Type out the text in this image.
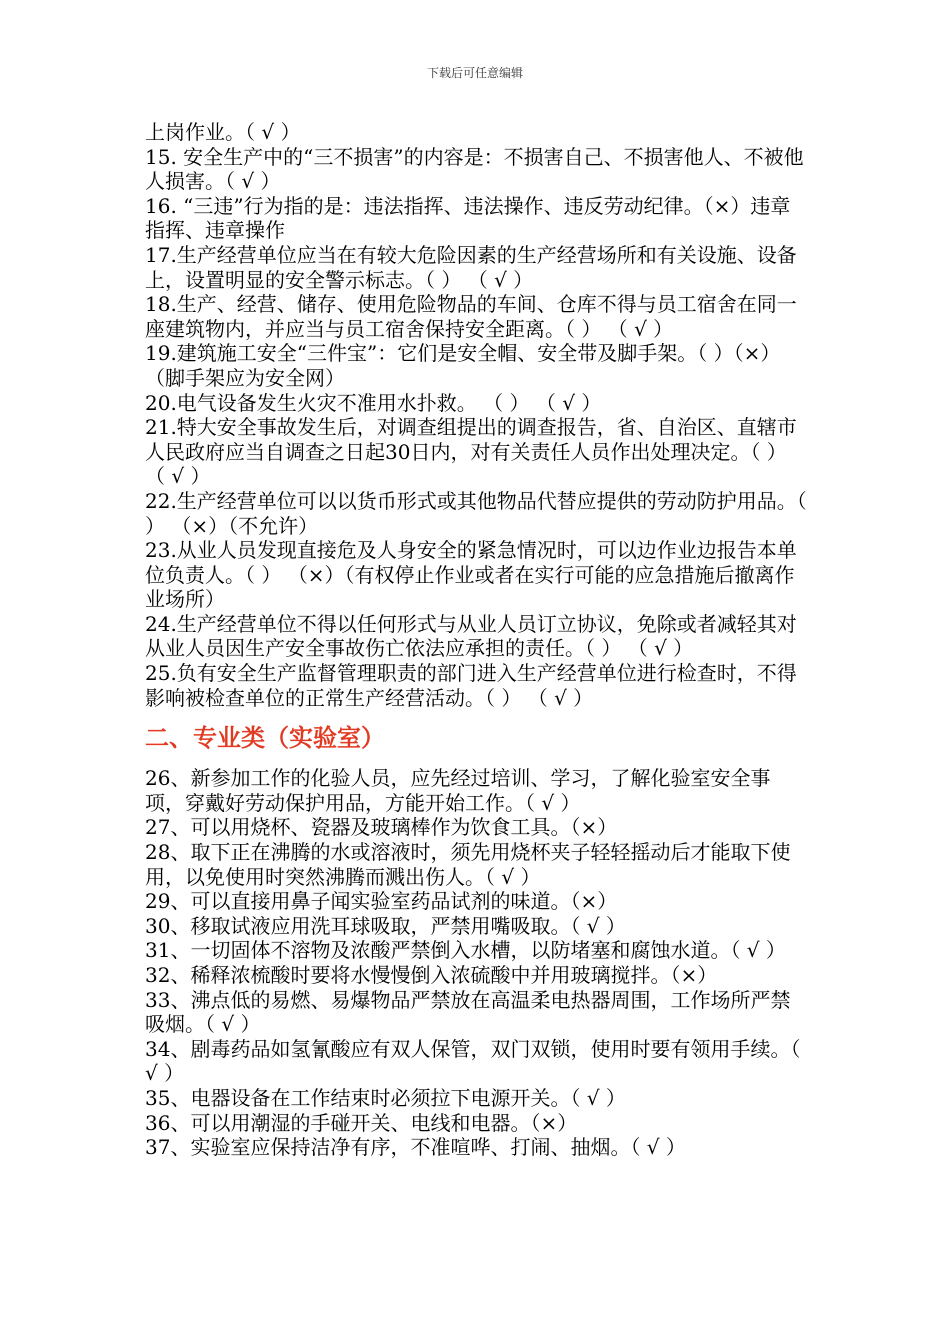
下载后可任意编辑

上岗作业。（ √ ）

15. 安全生产中的“三不损害”的内容是：不损害自己、不损害他人、不被他人损害。（ √ ）

16. “三违”行为指的是：违法指挥、违法操作、违反劳动纪律。（×）违章指挥、违章操作

17.生产经营单位应当在有较大危险因素的生产经营场所和有关设施、设备上，设置明显的安全警示标志。（ ） （ √ ）

18.生产、经营、储存、使用危险物品的车间、仓库不得与员工宿舍在同一座建筑物内，并应当与员工宿舍保持安全距离。（ ） （ √ ）

19.建筑施工安全“三件宝”：它们是安全帽、安全带及脚手架。（ ）（×）（脚手架应为安全网）

20.电气设备发生火灾不准用水扑救。 （ ） （ √ ）

21.特大安全事故发生后，对调查组提出的调查报告，省、自治区、直辖市人民政府应当自调查之日起30日内，对有关责任人员作出处理决定。（ ） （ √ ）

22.生产经营单位可以以货币形式或其他物品代替应提供的劳动防护用品。（ ） （×）（不允许）

23.从业人员发现直接危及人身安全的紧急情况时，可以边作业边报告本单位负责人。（ ） （×）（有权停止作业或者在实行可能的应急措施后撤离作业场所）

24.生产经营单位不得以任何形式与从业人员订立协议，免除或者减轻其对从业人员因生产安全事故伤亡依法应承担的责任。（ ） （ √ ）

25.负有安全生产监督管理职责的部门进入生产经营单位进行检查时，不得影响被检查单位的正常生产经营活动。（ ） （ √ ）

二、专业类（实验室）

26、新参加工作的化验人员，应先经过培训、学习，了解化验室安全事项，穿戴好劳动保护用品，方能开始工作。（ √ ）

27、可以用烧杯、瓷器及玻璃棒作为饮食工具。（×）

28、取下正在沸腾的水或溶液时，须先用烧杯夹子轻轻摇动后才能取下使用，以免使用时突然沸腾而溅出伤人。（ √ ）

29、可以直接用鼻子闻实验室药品试剂的味道。（×）

30、移取试液应用洗耳球吸取，严禁用嘴吸取。（ √ ）

31、一切固体不溶物及浓酸严禁倒入水槽，以防堵塞和腐蚀水道。（ √ ）

32、稀释浓梳酸时要将水慢慢倒入浓硫酸中并用玻璃搅拌。（×）

33、沸点低的易燃、易爆物品严禁放在高温柔电热器周围，工作场所严禁吸烟。（ √ ）

34、剧毒药品如氢氰酸应有双人保管，双门双锁，使用时要有领用手续。（ √ ）

35、电器设备在工作结束时必须拉下电源开关。（ √ ）

36、可以用潮湿的手碰开关、电线和电器。（×）

37、实验室应保持洁净有序，不准喧哗、打闹、抽烟。（ √ ）
